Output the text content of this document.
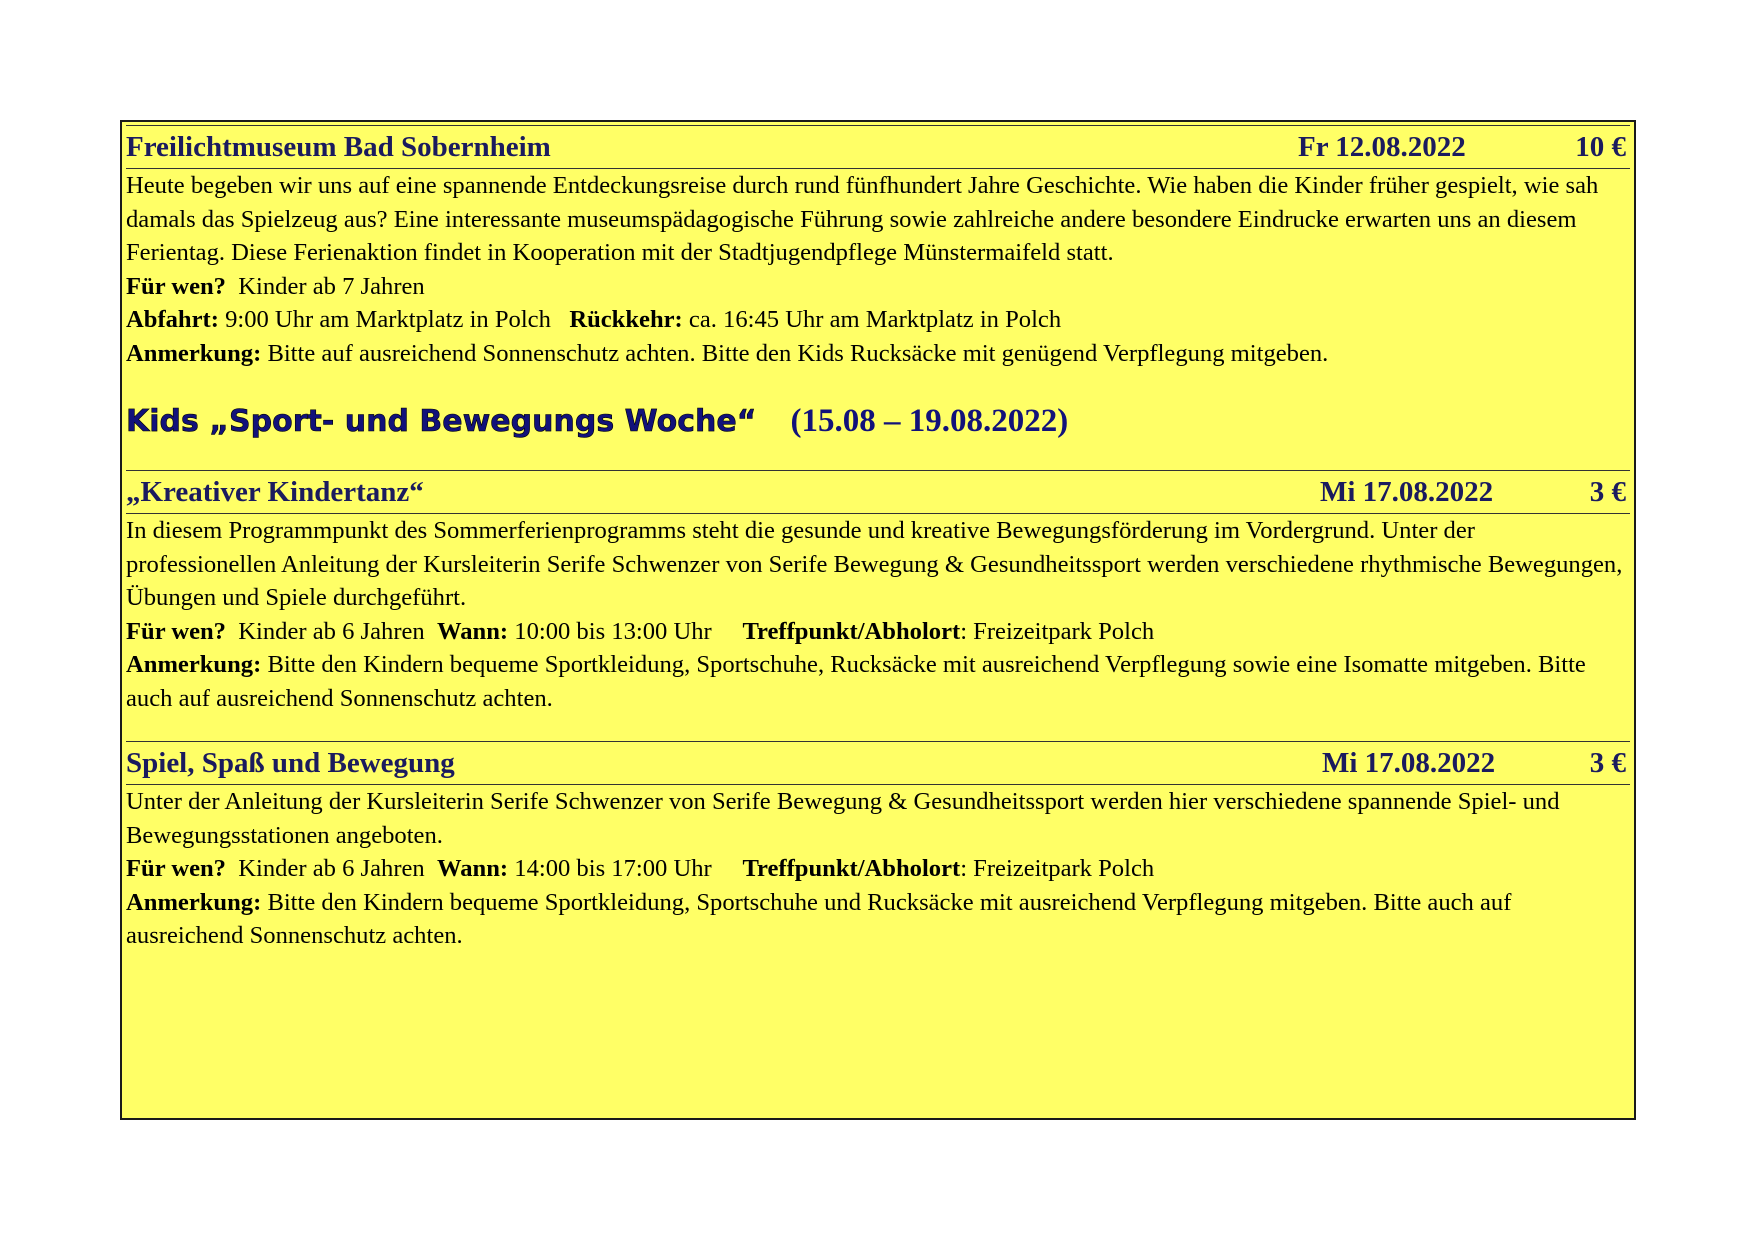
Freilichtmuseum Bad Sobernheim	Fr 12.08.2022	10 €
Heute begeben wir uns auf eine spannende Entdeckungsreise durch rund fünfhundert Jahre Geschichte. Wie haben die Kinder früher gespielt, wie sah damals das Spielzeug aus? Eine interessante museumspädagogische Führung sowie zahlreiche andere besondere Eindrucke erwarten uns an diesem Ferientag. Diese Ferienaktion findet in Kooperation mit der Stadtjugendpflege Münstermaifeld statt.
Für wen? Kinder ab 7 Jahren
Abfahrt: 9:00 Uhr am Marktplatz in Polch Rückkehr: ca. 16:45 Uhr am Marktplatz in Polch
Anmerkung: Bitte auf ausreichend Sonnenschutz achten. Bitte den Kids Rucksäcke mit genügend Verpflegung mitgeben.
Kids „Sport- und Bewegungs Woche“ (15.08 – 19.08.2022)
„Kreativer Kindertanz“	Mi 17.08.2022	3 €
In diesem Programmpunkt des Sommerferienprogramms steht die gesunde und kreative Bewegungsförderung im Vordergrund. Unter der professionellen Anleitung der Kursleiterin Serife Schwenzer von Serife Bewegung & Gesundheitssport werden verschiedene rhythmische Bewegungen, Übungen und Spiele durchgeführt.
Für wen? Kinder ab 6 Jahren Wann: 10:00 bis 13:00 Uhr Treffpunkt/Abholort: Freizeitpark Polch
Anmerkung: Bitte den Kindern bequeme Sportkleidung, Sportschuhe, Rucksäcke mit ausreichend Verpflegung sowie eine Isomatte mitgeben. Bitte auch auf ausreichend Sonnenschutz achten.
Spiel, Spaß und Bewegung	Mi 17.08.2022	3 €
Unter der Anleitung der Kursleiterin Serife Schwenzer von Serife Bewegung & Gesundheitssport werden hier verschiedene spannende Spiel- und Bewegungsstationen angeboten.
Für wen? Kinder ab 6 Jahren Wann: 14:00 bis 17:00 Uhr Treffpunkt/Abholort: Freizeitpark Polch
Anmerkung: Bitte den Kindern bequeme Sportkleidung, Sportschuhe und Rucksäcke mit ausreichend Verpflegung mitgeben. Bitte auch auf ausreichend Sonnenschutz achten.
